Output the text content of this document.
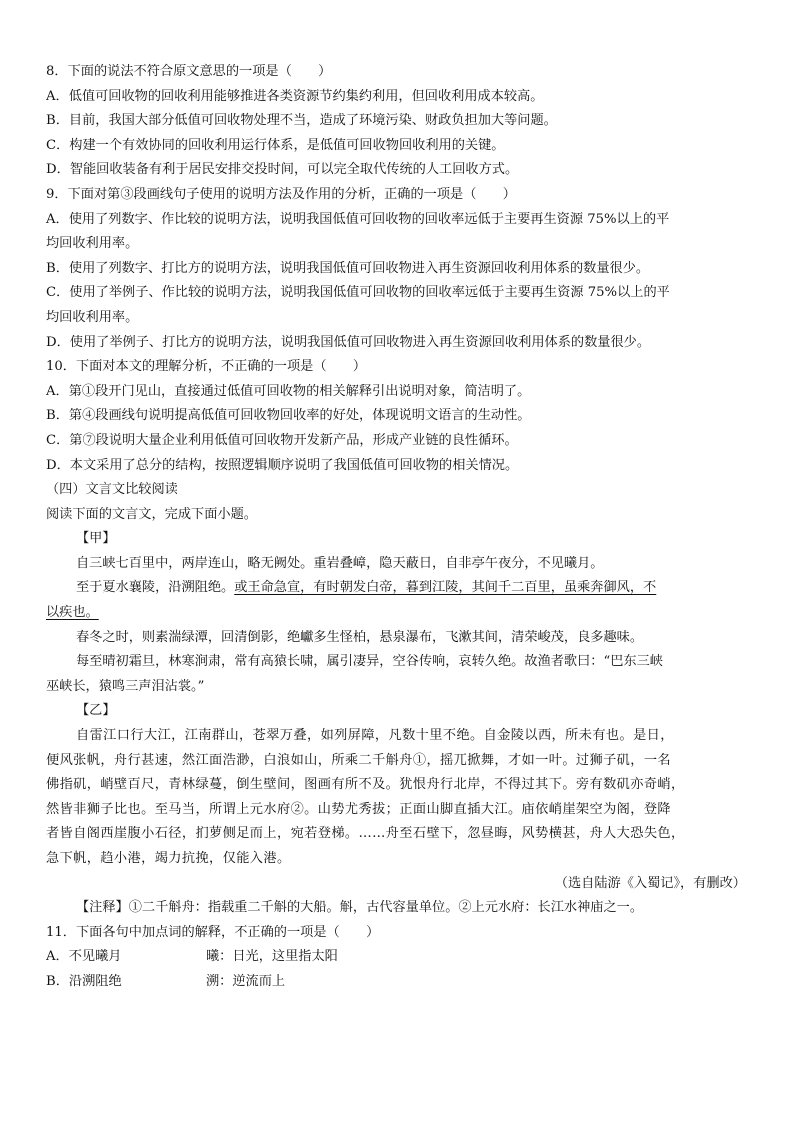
8．下面的说法不符合原文意思的一项是（　　）
A．低值可回收物的回收利用能够推进各类资源节约集约利用，但回收利用成本较高。
B．目前，我国大部分低值可回收物处理不当，造成了环境污染、财政负担加大等问题。
C．构建一个有效协同的回收利用运行体系，是低值可回收物回收利用的关键。
D．智能回收装备有利于居民安排交投时间，可以完全取代传统的人工回收方式。
9．下面对第③段画线句子使用的说明方法及作用的分析，正确的一项是（　　）
A．使用了列数字、作比较的说明方法，说明我国低值可回收物的回收率远低于主要再生资源 75%以上的平
均回收利用率。
B．使用了列数字、打比方的说明方法，说明我国低值可回收物进入再生资源回收利用体系的数量很少。
C．使用了举例子、作比较的说明方法，说明我国低值可回收物的回收率远低于主要再生资源 75%以上的平
均回收利用率。
D．使用了举例子、打比方的说明方法，说明我国低值可回收物进入再生资源回收利用体系的数量很少。
10．下面对本文的理解分析，不正确的一项是（　　）
A．第①段开门见山，直接通过低值可回收物的相关解释引出说明对象，简洁明了。
B．第④段画线句说明提高低值可回收物回收率的好处，体现说明文语言的生动性。
C．第⑦段说明大量企业利用低值可回收物开发新产品，形成产业链的良性循环。
D．本文采用了总分的结构，按照逻辑顺序说明了我国低值可回收物的相关情况。
（四）文言文比较阅读
阅读下面的文言文，完成下面小题。
【甲】
自三峡七百里中，两岸连山，略无阙处。重岩叠嶂，隐天蔽日，自非亭午夜分，不见曦月。
至于夏水襄陵，沿溯阻绝。或王命急宣，有时朝发白帝，暮到江陵，其间千二百里，虽乘奔御风，不
以疾也。
春冬之时，则素湍绿潭，回清倒影，绝巘多生怪柏，悬泉瀑布，飞漱其间，清荣峻茂，良多趣味。
每至晴初霜旦，林寒涧肃，常有高猿长啸，属引凄异，空谷传响，哀转久绝。故渔者歌曰：“巴东三峡
巫峡长，猿鸣三声泪沾裳。”
【乙】
自雷江口行大江，江南群山，苍翠万叠，如列屏障，凡数十里不绝。自金陵以西，所未有也。是日，
便风张帆，舟行甚速，然江面浩渺，白浪如山，所乘二千斛舟①，摇兀掀舞，才如一叶。过狮子矶，一名
佛指矶，峭壁百尺，青林绿蔓，倒生壁间，图画有所不及。犹恨舟行北岸，不得过其下。旁有数矶亦奇峭，
然皆非狮子比也。至马当，所谓上元水府②。山势尤秀拔；正面山脚直插大江。庙依峭崖架空为阁，登降
者皆自阁西崖腹小石径，扪萝侧足而上，宛若登梯。……舟至石壁下，忽昼晦，风势横甚，舟人大恐失色，
急下帆，趋小港，竭力抗挽，仅能入港。
（选自陆游《入蜀记》，有删改）
【注释】①二千斛舟：指载重二千斛的大船。斛，古代容量单位。②上元水府：长江水神庙之一。
11．下面各句中加点词的解释，不正确的一项是（　　）
A．不见曦月	曦：日光，这里指太阳
B．沿溯阻绝	溯：逆流而上
